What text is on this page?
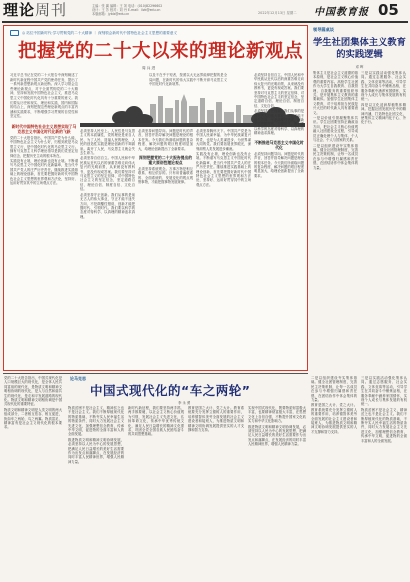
理论周刊	主编：张 翼 编辑：王 刘 电话：(010)82296602
设计：王 芳 校对：刘 丹 E-mail：llzk@edu.cn
本版邮箱：jyblz@edu.cn	2022年12月13日 星期二 中国教育报 05
◎ 站位中国新时代·学习贯彻党的二十大精神 ｜ 深刻领会新时代中国特色社会主义思想的重要意义
把握党的二十大以来的理论新观点
周 兵 进

习近平总书记在党的二十大报告中深刻阐述了新时代新征程中国共产党的使命任务，提出了一系列新思想新观点新论断。深入学习领会这些理论新观点，对于全面贯彻党的二十大精神，坚持和发展中国特色社会主义，推进马克思主义中国化时代化具有十分重要的意义。我们要从历史和现实、理论和实践、国内和国际的结合上，深刻把握这些理论新观点的丰富内涵和实践要求，不断增强学习贯彻的自觉性和坚定性。

新时代中国特色社会主义思想实现了马克思主义中国化时代化新的飞跃

党的二十大报告指出，中国共产党为什么能，中国特色社会主义为什么好，归根到底是马克思主义行，是中国化时代化的马克思主义行。拥有马克思主义科学理论指导是我们党坚定信仰信念、把握历史主动的根本所在。

实践没有止境，理论创新也没有止境。不断谱写马克思主义中国化时代化新篇章，是当代中国共产党人的庄严历史责任。继续推进实践基础上的理论创新，首先要把握好新时代中国特色社会主义思想的世界观和方法论，坚持好、运用好贯穿其中的立场观点方法。

以及不在乎于短者，按照以大无远界能够把握的是全局问题，在新时代的伟大实践中不断开辟马克思主义中国化时代化新境界。

必须坚持人民至上。人民性是马克思主义的本质属性，党的理论是来自人民、为了人民、造福人民的理论，人民的创造性实践是理论创新的不竭源泉。离开了人民，马克思主义就会失去生命力。

必须坚持自信自立。中国人民和中华民族从近代以后的深重苦难走向伟大复兴的光明前景，从来就没有教科书，更没有现成答案。我们要坚持对马克思主义的坚定信仰、对中国特色社会主义的坚定信念，坚定道路自信、理论自信、制度自信、文化自信。

必须坚持守正创新。我们从事的是前无古人的伟大事业，守正才能不迷失方向、不犯颠覆性错误，创新才能把握时代、引领时代。我们要以科学的态度对待科学、以真理的精神追求真理。

必须坚持问题导向。问题是时代的声音，回答并指导解决问题是理论的根本任务。今天我们所面临问题的复杂程度、解决问题的艰巨程度明显加大，给理论创新提出了全新要求。

深刻把握党的二十大报告提出的重大原创性理论观点

必须坚持系统观念。万事万物是相互联系、相互依存的。只有用普遍联系的、全面系统的、发展变化的观点观察事物，才能把握事物发展规律。

必须坚持胸怀天下。中国共产党是为中国人民谋幸福、为中华民族谋复兴的党，也是为人类谋进步、为世界谋大同的党。我们要拓展世界眼光，深刻洞察人类发展进步潮流。

实践没有止境，理论创新也没有止境。不断谱写马克思主义中国化时代化新篇章，是当代中国共产党人的庄严历史责任。继续推进实践基础上的理论创新，首先要把握好新时代中国特色社会主义思想的世界观和方法论，坚持好、运用好贯穿其中的立场观点方法。

必须坚持自信自立。中国人民和中华民族从近代以后的深重苦难走向伟大复兴的光明前景，从来就没有教科书，更没有现成答案。我们要坚持对马克思主义的坚定信仰、对中国特色社会主义的坚定信念，坚定道路自信、理论自信、制度自信、文化自信。

必须坚持守正创新。我们从事的是前无古人的伟大事业，守正才能不迷失方向、不犯颠覆性错误，创新才能把握时代、引领时代。我们要以科学的态度对待科学、以真理的精神追求真理。

不断推进马克思主义中国化时代化

必须坚持问题导向。问题是时代的声音，回答并指导解决问题是理论的根本任务。今天我们所面临问题的复杂程度、解决问题的艰巨程度明显加大，给理论创新提出了全新要求。

领导圆桌谈
学生社团集体主义教育的实践逻辑
邓 晖

集体主义是社会主义道德的基本原则，是社会主义核心价值观的重要内容。高校学生社团作为大学生自我教育、自我管理、自我服务的重要组织形式，是开展集体主义教育的重要载体。加强学生社团集体主义教育，对于培养担当民族复兴大任的时代新人具有重要意义。

一是以价值引领凝聚集体共识。学生社团要坚持正确政治方向，把社会主义核心价值观融入社团建设全过程，引导成员正确处理个人与集体、个人与社会、个人与国家的关系。

二是以组织建设夯实集体基础。健全社团管理制度，完善民主决策机制，让每一名成员在参与中增强归属感和责任感，在团结协作中体会集体的力量。

三是以实践活动强化集体认同。通过志愿服务、社会实践、文体竞赛等活动，引导学生在共同奋斗中锤炼品格，在服务奉献中涵养家国情怀，实现个人成长与集体发展的有机统一。

四是以文化浸润厚植集体精神。挖掘社团发展历史中的精神内涵，打造特色社团文化，使集体主义精神内化于心、外化于行。

党的二十大报告指出，中国式现代化是人口规模巨大的现代化，是全体人民共同富裕的现代化，是物质文明和精神文明相协调的现代化，是人与自然和谐共生的现代化，是走和平发展道路的现代化。物质文明和精神文明相协调是中国式现代化的重要特征。

物质文明和精神文明是人类文明的两大组成部分，二者相互依存、相互促进，犹如车之两轮、鸟之两翼。物质富足、精神富有是社会主义现代化的根本要求。

论马克思
中国式现代化的“车之两轮”
李 永 勇

物质贫困不是社会主义，精神贫乏也不是社会主义。我们不断厚植现代化的物质基础，不断夯实人民幸福生活的物质条件，同时大力发展社会主义先进文化，加强理想信念教育，传承中华文明，促进物的全面丰富和人的全面发展。

推进物质文明和精神文明协调发展，必须坚持以人民为中心的发展思想，把满足人民日益增长的美好生活需要作为出发点和落脚点，在发展经济的同时丰富人民精神世界，增强人民精神力量。

新时代新征程，我们要坚持两手抓、两手都要硬，以社会主义核心价值观为引领，发展社会主义先进文化，弘扬革命文化，传承中华优秀传统文化，满足人民日益增长的精神文化需求，巩固全党全国各族人民团结奋斗的共同思想基础。

教育是国之大计、党之大计。教育系统要充分发挥立德树人的重要作用，培养德智体美劳全面发展的社会主义建设者和接班人，为推进物质文明和精神文明协调发展提供坚实的人才支撑和智力支持。

实现中国式现代化，既要物质财富极大丰富，也要精神财富极大丰富，在思想文化上自信自强，不断提升国家文化软实力和中华文化影响力。

推进物质文明和精神文明协调发展，必须坚持以人民为中心的发展思想，把满足人民日益增长的美好生活需要作为出发点和落脚点，在发展经济的同时丰富人民精神世界，增强人民精神力量。

二是以组织建设夯实集体基础。健全社团管理制度，完善民主决策机制，让每一名成员在参与中增强归属感和责任感，在团结协作中体会集体的力量。

教育是国之大计、党之大计。教育系统要充分发挥立德树人的重要作用，培养德智体美劳全面发展的社会主义建设者和接班人，为推进物质文明和精神文明协调发展提供坚实的人才支撑和智力支持。

三是以实践活动强化集体认同。通过志愿服务、社会实践、文体竞赛等活动，引导学生在共同奋斗中锤炼品格，在服务奉献中涵养家国情怀，实现个人成长与集体发展的有机统一。

物质贫困不是社会主义，精神贫乏也不是社会主义。我们不断厚植现代化的物质基础，不断夯实人民幸福生活的物质条件，同时大力发展社会主义先进文化，加强理想信念教育，传承中华文明，促进物的全面丰富和人的全面发展。
